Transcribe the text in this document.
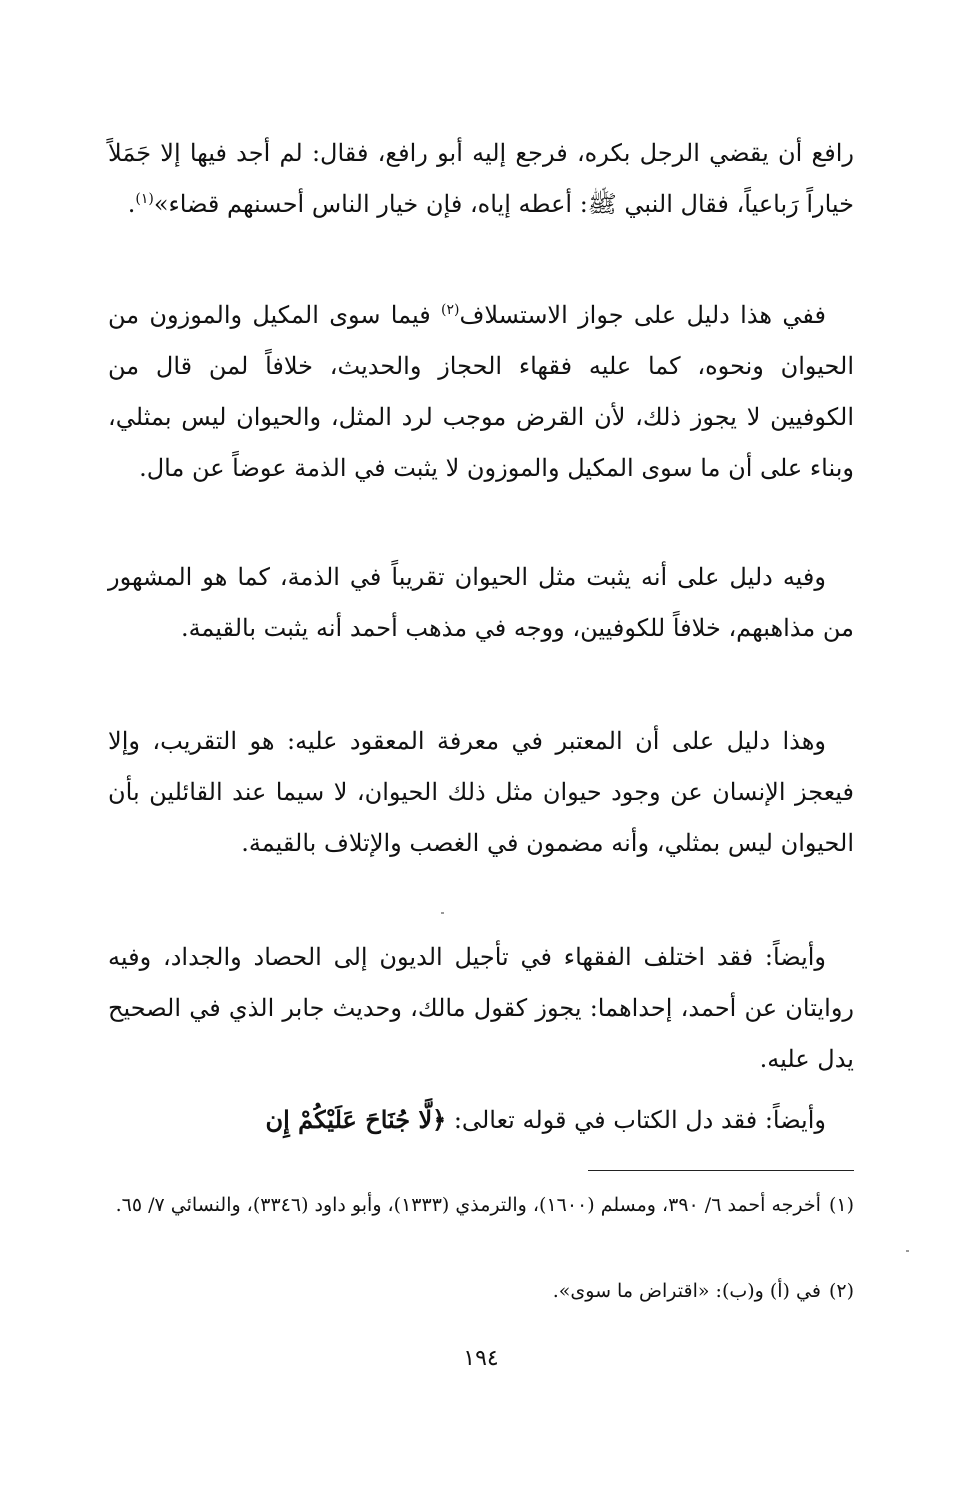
رافع أن يقضي الرجل بكره، فرجع إليه أبو رافع، فقال: لم أجد فيها إلا جَمَلاً خياراً رَباعياً، فقال النبي ﷺ: أعطه إياه، فإن خيار الناس أحسنهم قضاء»$^{(١)}$.

ففي هذا دليل على جواز الاستسلاف$^{(٢)}$ فيما سوى المكيل والموزون من الحيوان ونحوه، كما عليه فقهاء الحجاز والحديث، خلافاً لمن قال من الكوفيين لا يجوز ذلك، لأن القرض موجب لرد المثل، والحيوان ليس بمثلي، وبناء على أن ما سوى المكيل والموزون لا يثبت في الذمة عوضاً عن مال.

وفيه دليل على أنه يثبت مثل الحيوان تقريباً في الذمة، كما هو المشهور من مذاهبهم، خلافاً للكوفيين، ووجه في مذهب أحمد أنه يثبت بالقيمة.

وهذا دليل على أن المعتبر في معرفة المعقود عليه: هو التقريب، وإلا فيعجز الإنسان عن وجود حيوان مثل ذلك الحيوان، لا سيما عند القائلين بأن الحيوان ليس بمثلي، وأنه مضمون في الغصب والإتلاف بالقيمة.

وأيضاً: فقد اختلف الفقهاء في تأجيل الديون إلى الحصاد والجداد، وفيه روايتان عن أحمد، إحداهما: يجوز كقول مالك، وحديث جابر الذي في الصحيح يدل عليه.

وأيضاً: فقد دل الكتاب في قوله تعالى: ﴿لَّا جُنَاحَ عَلَيْكُمْ إِن

(١)أخرجه أحمد ٦/ ٣٩٠، ومسلم (١٦٠٠)، والترمذي (١٣٣٣)، وأبو داود (٣٣٤٦)، والنسائي ٧/ ٦٥.

(٢)في (أ) و(ب): «اقتراض ما سوى».

١٩٤
